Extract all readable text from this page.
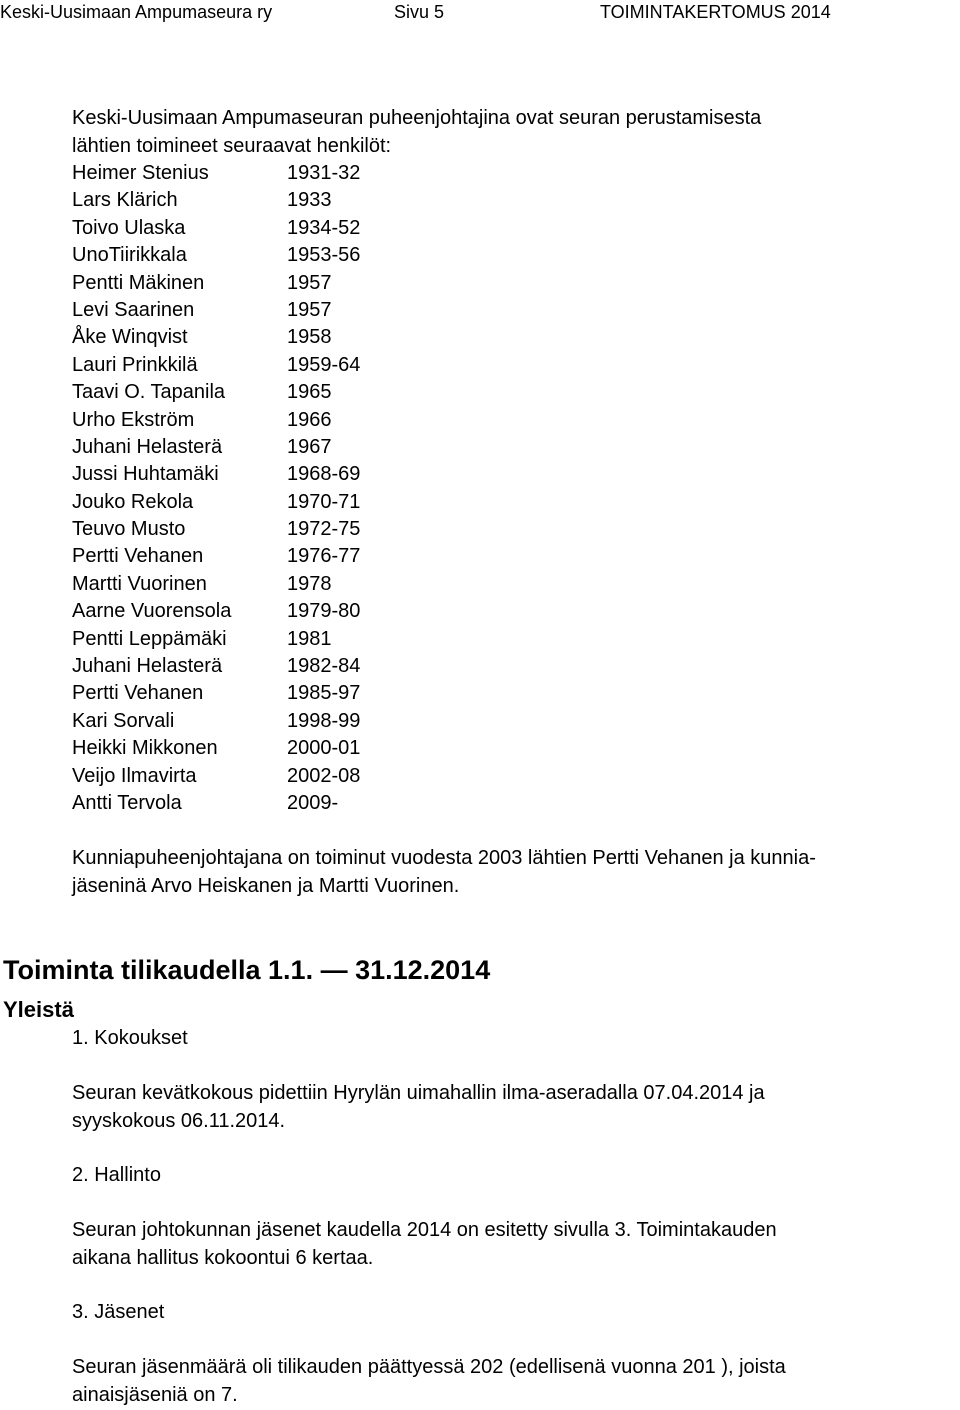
Keski-Uusimaan Ampumaseura ry	Sivu 5	TOIMINTAKERTOMUS 2014
Keski-Uusimaan Ampumaseuran puheenjohtajina ovat seuran perustamisesta
lähtien toimineet seuraavat henkilöt:
Heimer Stenius	1931-32
Lars Klärich	1933
Toivo Ulaska	1934-52
UnoTiirikkala	1953-56
Pentti Mäkinen	1957
Levi Saarinen	1957
Åke Winqvist	1958
Lauri Prinkkilä	1959-64
Taavi O. Tapanila	1965
Urho Ekström	1966
Juhani Helasterä	1967
Jussi Huhtamäki	1968-69
Jouko Rekola	1970-71
Teuvo Musto	1972-75
Pertti Vehanen	1976-77
Martti Vuorinen	1978
Aarne Vuorensola	1979-80
Pentti Leppämäki	1981
Juhani Helasterä	1982-84
Pertti Vehanen	1985-97
Kari Sorvali	1998-99
Heikki Mikkonen	2000-01
Veijo Ilmavirta	2002-08
Antti Tervola	2009-
Kunniapuheenjohtajana on toiminut vuodesta 2003 lähtien Pertti Vehanen ja kunnia-
jäseninä Arvo Heiskanen ja Martti Vuorinen.
Toiminta tilikaudella 1.1. — 31.12.2014
Yleistä
1. Kokoukset
Seuran kevätkokous pidettiin Hyrylän uimahallin ilma-aseradalla 07.04.2014 ja
syyskokous 06.11.2014.
2. Hallinto
Seuran johtokunnan jäsenet kaudella 2014 on esitetty sivulla 3. Toimintakauden
aikana hallitus kokoontui 6 kertaa.
3. Jäsenet
Seuran jäsenmäärä oli tilikauden päättyessä 202 (edellisenä vuonna 201 ), joista
ainaisjäseniä on 7.
